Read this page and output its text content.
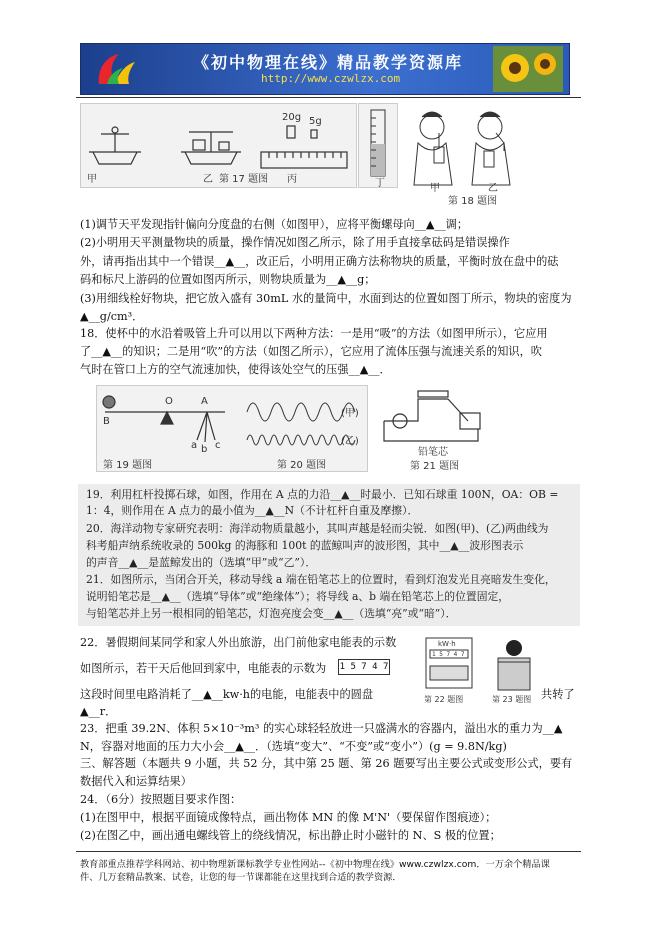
《初中物理在线》精品教学资源库
http://www.czwlzx.com
甲	乙 第 17 题图 丙
20g 5g
丁	甲	乙
第 18 题图
(1)调节天平发现指针偏向分度盘的右侧（如图甲），应将平衡螺母向__▲__调；
(2)小明用天平测量物块的质量，操作情况如图乙所示，除了用手直接拿砝码是错误操作
外，请再指出其中一个错误__▲__，改正后，小明用正确方法称物块的质量，平衡时放在盘中的砝
码和标尺上游码的位置如图丙所示，则物块质量为__▲__g；
(3)用细线栓好物块，把它放入盛有 30mL 水的量筒中，水面到达的位置如图丁所示，物块的密度为
▲__g/cm³．
18．使杯中的水沿着吸管上升可以用以下两种方法：一是用“吸”的方法（如图甲所示），它应用
了__▲__的知识；二是用“吹”的方法（如图乙所示），它应用了流体压强与流速关系的知识，吹
气时在管口上方的空气流速加快，使得该处空气的压强__▲__．
B
O	A
a b c
(甲)
(乙)
第 19 题图	第 20 题图
铅笔芯
第 21 题图
19．利用杠杆投掷石球，如图，作用在 A 点的力沿__▲__时最小．已知石球重 100N，OA：OB =
1：4，则作用在 A 点力的最小值为__▲__N（不计杠杆自重及摩擦）．
20．海洋动物专家研究表明：海洋动物质量越小，其叫声越是轻而尖锐．如图(甲)、(乙)两曲线为
科考船声纳系统收录的 500kg 的海豚和 100t 的蓝鲸叫声的波形图，其中__▲__波形图表示
的声音__▲__是蓝鲸发出的（选填“甲”或“乙”）．
21．如图所示，当闭合开关，移动导线 a 端在铅笔芯上的位置时，看到灯泡发光且亮暗发生变化，
说明铅笔芯是__▲__（选填“导体”或“绝缘体”）；将导线 a、b 端在铅笔芯上的位置固定，
与铅笔芯并上另一根相同的铅笔芯，灯泡亮度会变__▲__（选填“亮”或“暗”）．
22．暑假期间某同学和家人外出旅游，出门前他家电能表的示数
如图所示，若干天后他回到家中，电能表的示数为	1 5 7 4 7
这段时间里电路消耗了__▲__kw·h的电能，电能表中的圆盘	共转了
▲__r．
kW·h
1 5 7 4 7
第 22 题图	第 23 题图
23．把重 39.2N、体积 5×10⁻³m³ 的实心球轻轻放进一只盛满水的容器内，溢出水的重力为__▲
N，容器对地面的压力大小会__▲__．（选填“变大”、“不变”或“变小”）(g = 9.8N/kg)
三、解答题（本题共 9 小题，共 52 分，其中第 25 题、第 26 题要写出主要公式或变形公式，要有
数据代入和运算结果）
24．（6分）按照题目要求作图：
(1)在图甲中，根据平面镜成像特点，画出物体 MN 的像 M'N'（要保留作图痕迹）；
(2)在图乙中，画出通电螺线管上的绕线情况，标出静止时小磁针的 N、S 极的位置；
教育部重点推荐学科网站、初中物理新课标教学专业性网站--《初中物理在线》www.czwlzx.com．一万余个精品课
件、几万套精品教案、试卷，让您的每一节课都能在这里找到合适的教学资源．
